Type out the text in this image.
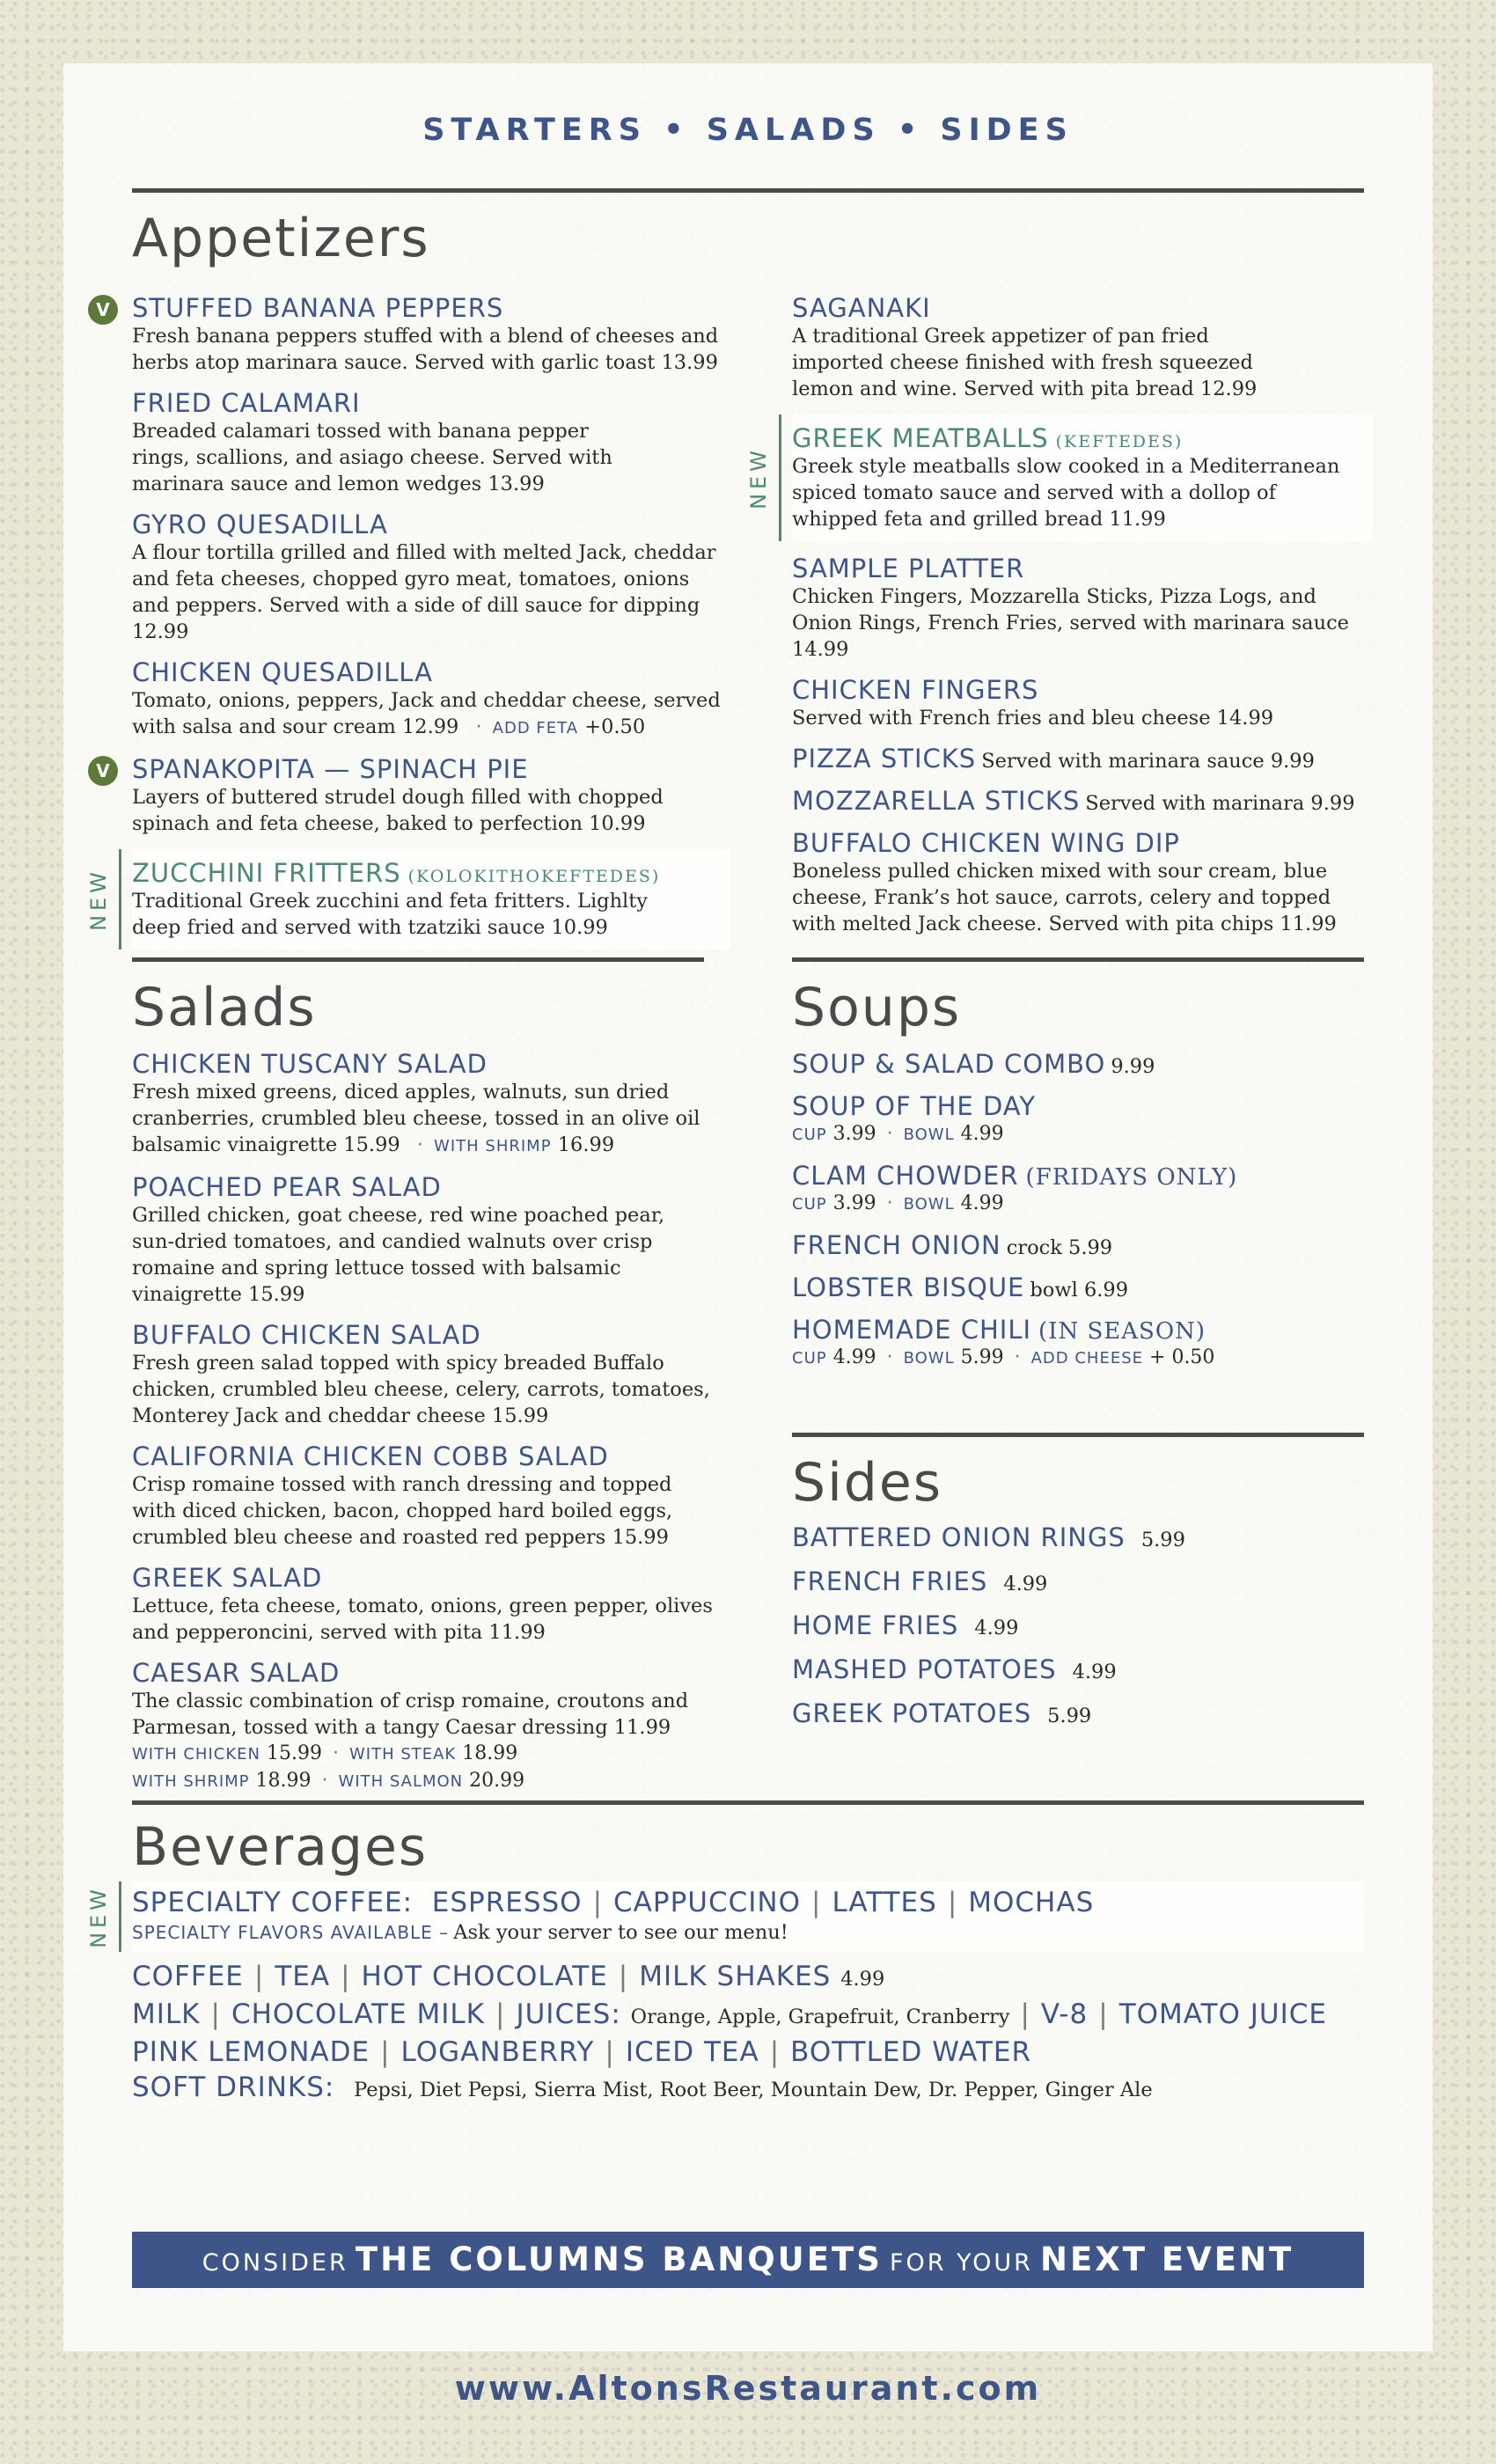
STARTERS • SALADS • SIDES
Appetizers
V STUFFED BANANA PEPPERS
Fresh banana peppers stuffed with a blend of cheeses and herbs atop marinara sauce. Served with garlic toast 13.99
FRIED CALAMARI
Breaded calamari tossed with banana pepper rings, scallions, and asiago cheese. Served with marinara sauce and lemon wedges 13.99
GYRO QUESADILLA
A flour tortilla grilled and filled with melted Jack, cheddar and feta cheeses, chopped gyro meat, tomatoes, onions and peppers. Served with a side of dill sauce for dipping 12.99
CHICKEN QUESADILLA
Tomato, onions, peppers, Jack and cheddar cheese, served with salsa and sour cream 12.99 · ADD FETA +0.50
V SPANAKOPITA — SPINACH PIE
Layers of buttered strudel dough filled with chopped spinach and feta cheese, baked to perfection 10.99
NEW ZUCCHINI FRITTERS (KOLOKITHOKEFTEDES)
Traditional Greek zucchini and feta fritters. Lighlty deep fried and served with tzatziki sauce 10.99
SAGANAKI
A traditional Greek appetizer of pan fried imported cheese finished with fresh squeezed lemon and wine. Served with pita bread 12.99
NEW
GREEK MEATBALLS (KEFTEDES)
Greek style meatballs slow cooked in a Mediterranean spiced tomato sauce and served with a dollop of whipped feta and grilled bread 11.99
SAMPLE PLATTER
Chicken Fingers, Mozzarella Sticks, Pizza Logs, and Onion Rings, French Fries, served with marinara sauce 14.99
CHICKEN FINGERS
Served with French fries and bleu cheese 14.99
PIZZA STICKS Served with marinara sauce 9.99
MOZZARELLA STICKS Served with marinara 9.99
BUFFALO CHICKEN WING DIP
Boneless pulled chicken mixed with sour cream, blue cheese, Frank’s hot sauce, carrots, celery and topped with melted Jack cheese. Served with pita chips 11.99
Salads
CHICKEN TUSCANY SALAD
Fresh mixed greens, diced apples, walnuts, sun dried cranberries, crumbled bleu cheese, tossed in an olive oil balsamic vinaigrette 15.99 · WITH SHRIMP 16.99
POACHED PEAR SALAD
Grilled chicken, goat cheese, red wine poached pear, sun-dried tomatoes, and candied walnuts over crisp romaine and spring lettuce tossed with balsamic vinaigrette 15.99
BUFFALO CHICKEN SALAD
Fresh green salad topped with spicy breaded Buffalo chicken, crumbled bleu cheese, celery, carrots, tomatoes, Monterey Jack and cheddar cheese 15.99
CALIFORNIA CHICKEN COBB SALAD
Crisp romaine tossed with ranch dressing and topped with diced chicken, bacon, chopped hard boiled eggs, crumbled bleu cheese and roasted red peppers 15.99
GREEK SALAD
Lettuce, feta cheese, tomato, onions, green pepper, olives and pepperoncini, served with pita 11.99
CAESAR SALAD
The classic combination of crisp romaine, croutons and Parmesan, tossed with a tangy Caesar dressing 11.99
WITH CHICKEN 15.99 · WITH STEAK 18.99
WITH SHRIMP 18.99 · WITH SALMON 20.99
Soups
SOUP & SALAD COMBO 9.99
SOUP OF THE DAY
CUP 3.99 · BOWL 4.99
CLAM CHOWDER (FRIDAYS ONLY)
CUP 3.99 · BOWL 4.99
FRENCH ONION crock 5.99
LOBSTER BISQUE bowl 6.99
HOMEMADE CHILI (IN SEASON)
CUP 4.99 · BOWL 5.99 · ADD CHEESE + 0.50
Sides
BATTERED ONION RINGS 5.99
FRENCH FRIES 4.99
HOME FRIES 4.99
MASHED POTATOES 4.99
GREEK POTATOES 5.99
Beverages
NEW SPECIALTY COFFEE: ESPRESSO | CAPPUCCINO | LATTES | MOCHAS
SPECIALTY FLAVORS AVAILABLE – Ask your server to see our menu!
COFFEE | TEA | HOT CHOCOLATE | MILK SHAKES 4.99
MILK | CHOCOLATE MILK | JUICES: Orange, Apple, Grapefruit, Cranberry | V-8 | TOMATO JUICE
PINK LEMONADE | LOGANBERRY | ICED TEA | BOTTLED WATER
SOFT DRINKS: Pepsi, Diet Pepsi, Sierra Mist, Root Beer, Mountain Dew, Dr. Pepper, Ginger Ale
CONSIDER THE COLUMNS BANQUETS FOR YOUR NEXT EVENT
www.AltonsRestaurant.com
